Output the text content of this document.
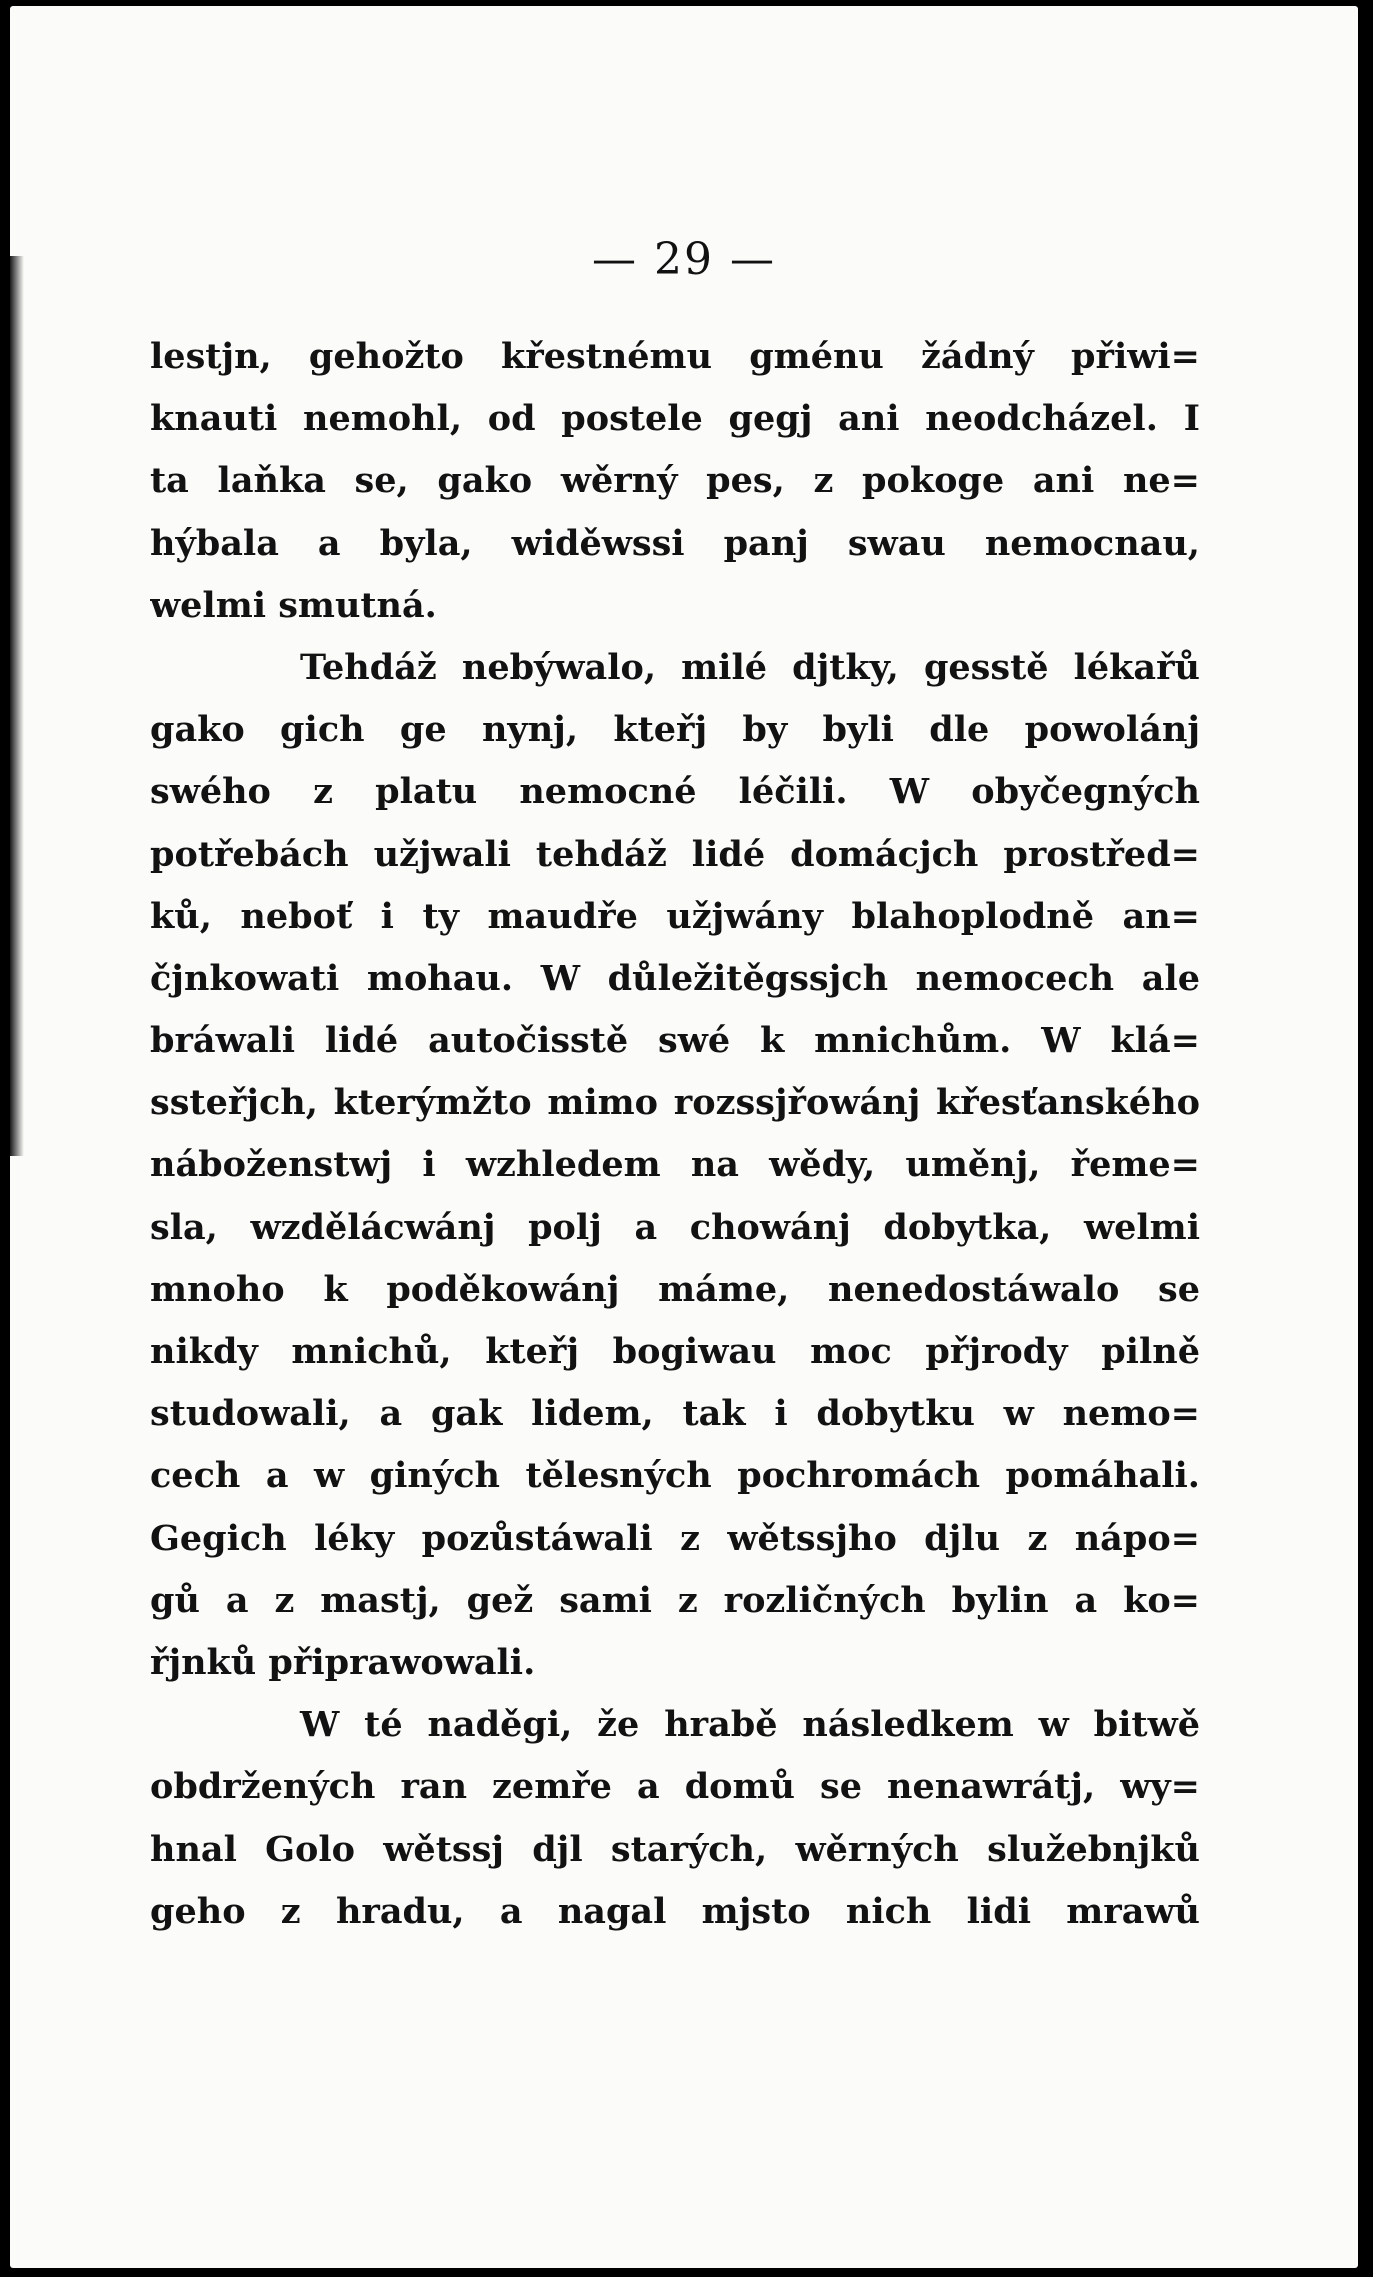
— 29 —
lestjn, gehožto křestnému gménu žádný přiwi=
knauti nemohl, od postele gegj ani neodcházel. I
ta laňka se, gako wěrný pes, z pokoge ani ne=
hýbala a byla, widěwssi panj swau nemocnau,
welmi smutná.
Tehdáž nebýwalo, milé djtky, gesstě lékařů
gako gich ge nynj, kteřj by byli dle powolánj
swého z platu nemocné léčili. W obyčegných
potřebách užjwali tehdáž lidé domácjch prostřed=
ků, neboť i ty maudře užjwány blahoplodně an=
čjnkowati mohau. W důležitěgssjch nemocech ale
bráwali lidé autočisstě swé k mnichům. W klá=
ssteřjch, kterýmžto mimo rozssjřowánj křesťanského
náboženstwj i wzhledem na wědy, uměnj, řeme=
sla, wzdělácwánj polj a chowánj dobytka, welmi
mnoho k poděkowánj máme, nenedostáwalo se
nikdy mnichů, kteřj bogiwau moc přjrody pilně
studowali, a gak lidem, tak i dobytku w nemo=
cech a w giných tělesných pochromách pomáhali.
Gegich léky pozůstáwali z wětssjho djlu z nápo=
gů a z mastj, gež sami z rozličných bylin a ko=
řjnků připrawowali.
W té naděgi, že hrabě následkem w bitwě
obdržených ran zemře a domů se nenawrátj, wy=
hnal Golo wětssj djl starých, wěrných služebnjků
geho z hradu, a nagal mjsto nich lidi mrawů
